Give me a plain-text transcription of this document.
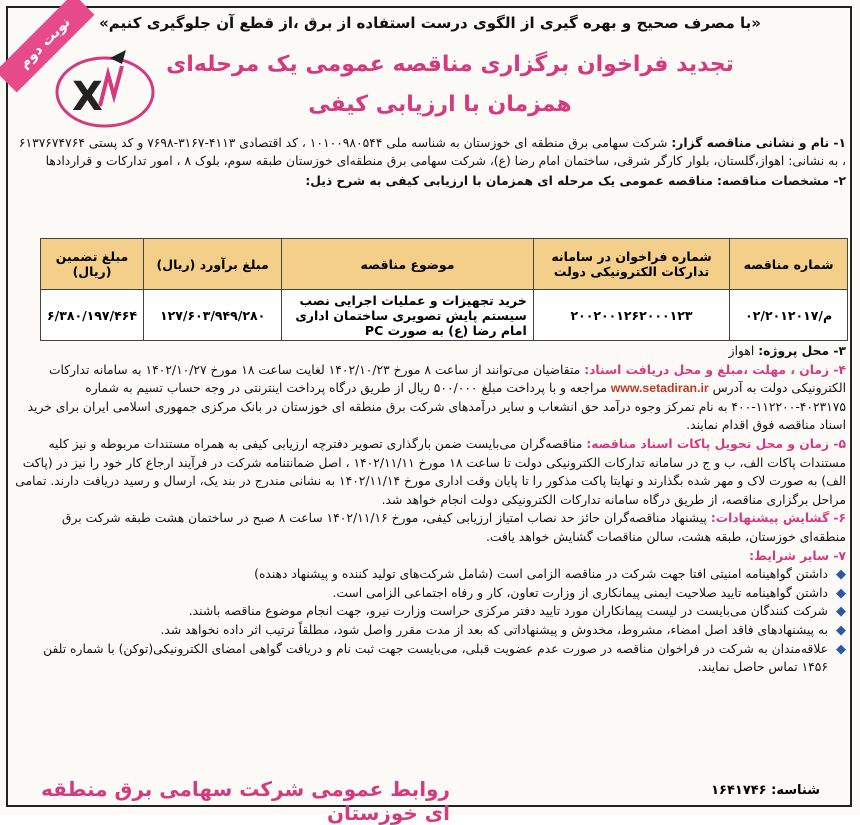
نوبت دوم	«با مصرف صحیح و بهره گیری از الگوی درست استفاده از برق ،از قطع آن جلوگیری کنیم»
X
تجدید فراخوان برگزاری مناقصه عمومی یک مرحله‌ای
همزمان با ارزیابی کیفی

۱- نام و نشانی مناقصه گزار: شرکت سهامی برق منطقه ای خوزستان به شناسه ملی ۱۰۱۰۰۹۸۰۵۴۴ ، کد اقتصادی ۴۱۱۳-۳۱۶۷-۷۶۹۸ و کد پستی ۶۱۳۷۶۷۴۷۶۴ ، به نشانی: اهواز،گلستان، بلوار کارگر شرقی، ساختمان امام رضا (ع)، شرکت سهامی برق منطقه‌ای خوزستان طبقه سوم، بلوک ۸ ، امور تدارکات و قراردادها

۲- مشخصات مناقصه: مناقصه عمومی یک مرحله ای همزمان با ارزیابی کیفی به شرح ذیل:

شماره مناقصه	شماره فراخوان در سامانه تدارکات الکترونیکی دولت	موضوع مناقصه	مبلغ برآورد (ریال)	مبلغ تضمین (ریال)
م/۰۲/۲۰۱۲۰۱۷	۲۰۰۲۰۰۱۲۶۲۰۰۰۱۲۳	خرید تجهیزات و عملیات اجرایی نصب سیستم پایش تصویری ساختمان اداری امام رضا (ع) به صورت PC	۱۲۷/۶۰۳/۹۴۹/۲۸۰	۶/۳۸۰/۱۹۷/۴۶۴

۳- محل پروژه: اهواز

۴- زمان ، مهلت ،مبلغ و محل دریافت اسناد: متقاضیان می‌توانند از ساعت ۸ مورخ ۱۴۰۲/۱۰/۲۳ لغایت ساعت ۱۸ مورخ ۱۴۰۲/۱۰/۲۷ به سامانه تدارکات الکترونیکی دولت به آدرس www.setadiran.ir مراجعه و با پرداخت مبلغ ۵۰۰/۰۰۰ ریال از طریق درگاه پرداخت اینترنتی در وجه حساب تسیم به شماره ۴۰۲۳۱۷۵-۱۱۲۲۰۰-۴۰۰ به نام تمرکز وجوه درآمد حق انشعاب و سایر درآمدهای شرکت برق منطقه ای خوزستان در بانک مرکزی جمهوری اسلامی ایران برای خرید اسناد مناقصه فوق اقدام نمایند.

۵- زمان و محل تحویل پاکات اسناد مناقصه: مناقصه‌گران می‌بایست ضمن بارگذاری تصویر دفترچه ارزیابی کیفی به همراه مستندات مربوطه و نیز کلیه مستندات پاکات الف، ب و ج در سامانه تدارکات الکترونیکی دولت تا ساعت ۱۸ مورخ ۱۴۰۲/۱۱/۱۱ ، اصل ضمانتنامه شرکت در فرآیند ارجاع کار خود را نیز در (پاکت الف) به صورت لاک و مهر شده بگذارند و نهایتا پاکت مذکور را تا پایان وقت اداری مورخ ۱۴۰۲/۱۱/۱۴ به نشانی مندرج در بند یک، ارسال و رسید دریافت دارند. تمامی مراحل برگزاری مناقصه، از طریق درگاه سامانه تدارکات الکترونیکی دولت انجام خواهد شد.

۶- گشایش پیشنهادات: پیشنهاد مناقصه‌گران حائز حد نصاب امتیاز ارزیابی کیفی، مورخ ۱۴۰۲/۱۱/۱۶ ساعت ۸ صبح در ساختمان هشت طبقه شرکت برق منطقه‌ای خوزستان، طبقه هشت، سالن مناقصات گشایش خواهد یافت.

۷- سایر شرایط:

◆
داشتن گواهینامه امنیتی افتا جهت شرکت در مناقصه الزامی است (شامل شرکت‌های تولید کننده و پیشنهاد دهنده)
◆
داشتن گواهینامه تایید صلاحیت ایمنی پیمانکاری از وزارت تعاون، کار و رفاه اجتماعی الزامی است.
◆
شرکت کنندگان می‌بایست در لیست پیمانکاران مورد تایید دفتر مرکزی حراست وزارت نیرو، جهت انجام موضوع مناقصه باشند.
◆
به پیشنهادهای فاقد اصل امضاء، مشروط، مخدوش و پیشنهاداتی که بعد از مدت مقرر واصل شود، مطلقاً ترتیب اثر داده نخواهد شد.
◆
علاقه‌مندان به شرکت در فراخوان مناقصه در صورت عدم عضویت قبلی، می‌بایست جهت ثبت نام و دریافت گواهی امضای الکترونیکی(توکن) با شماره تلفن ۱۴۵۶ تماس حاصل نمایند.
روابط عمومی شرکت سهامی برق منطقه ای خوزستان
شناسه: ۱۶۴۱۷۴۶
